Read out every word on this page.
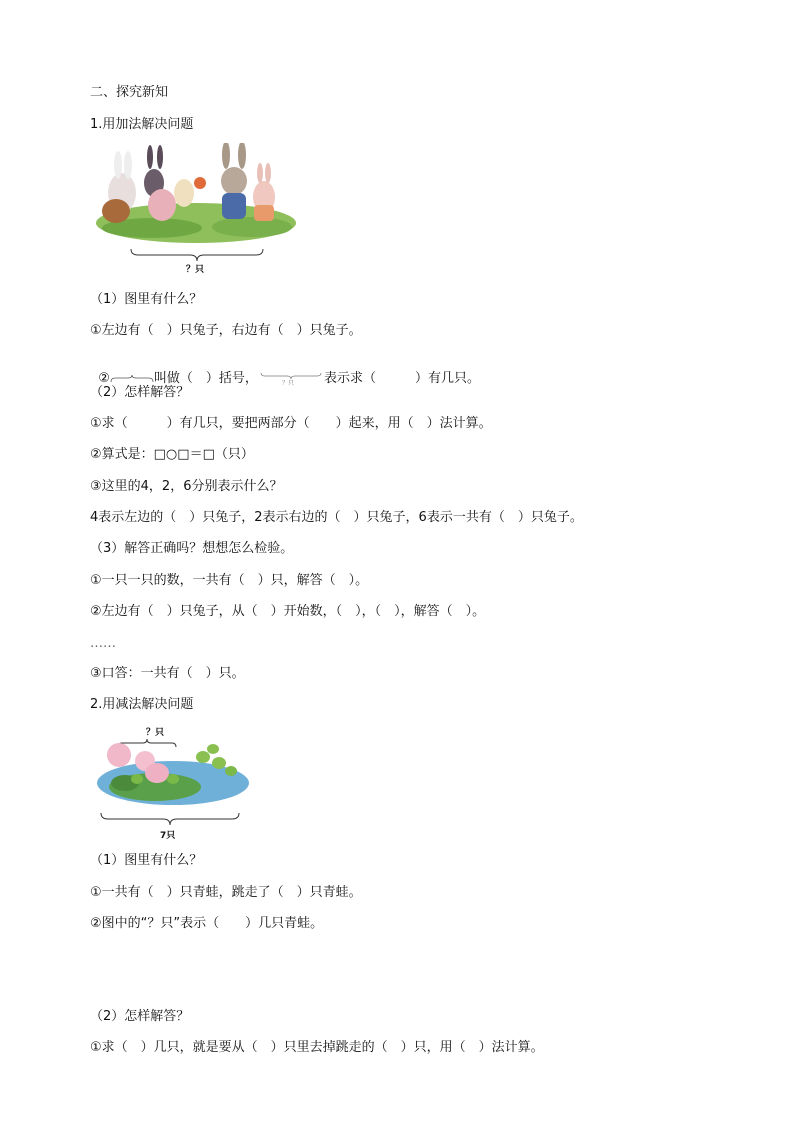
二、探究新知
1.用加法解决问题
？只
（1）图里有什么？
①左边有（　）只兔子，右边有（　）只兔子。

②	叫做（　）括号，	？只 表示求（　　　）有几只。

（2）怎样解答？
①求（　　　）有几只，要把两部分（　　）起来，用（　）法计算。
②算式是：□○□＝□（只）
③这里的4，2，6分别表示什么？
4表示左边的（　）只兔子，2表示右边的（　）只兔子，6表示一共有（　）只兔子。
（3）解答正确吗？想想怎么检验。
①一只一只的数，一共有（　）只，解答（　）。
②左边有（　）只兔子，从（　）开始数，（　），（　），解答（　）。
……
③口答：一共有（　）只。
2.用减法解决问题
？只
7只
（1）图里有什么？
①一共有（　）只青蛙，跳走了（　）只青蛙。
②图中的“？只”表示（　　）几只青蛙。
（2）怎样解答？
①求（　）几只，就是要从（　）只里去掉跳走的（　）只，用（　）法计算。
